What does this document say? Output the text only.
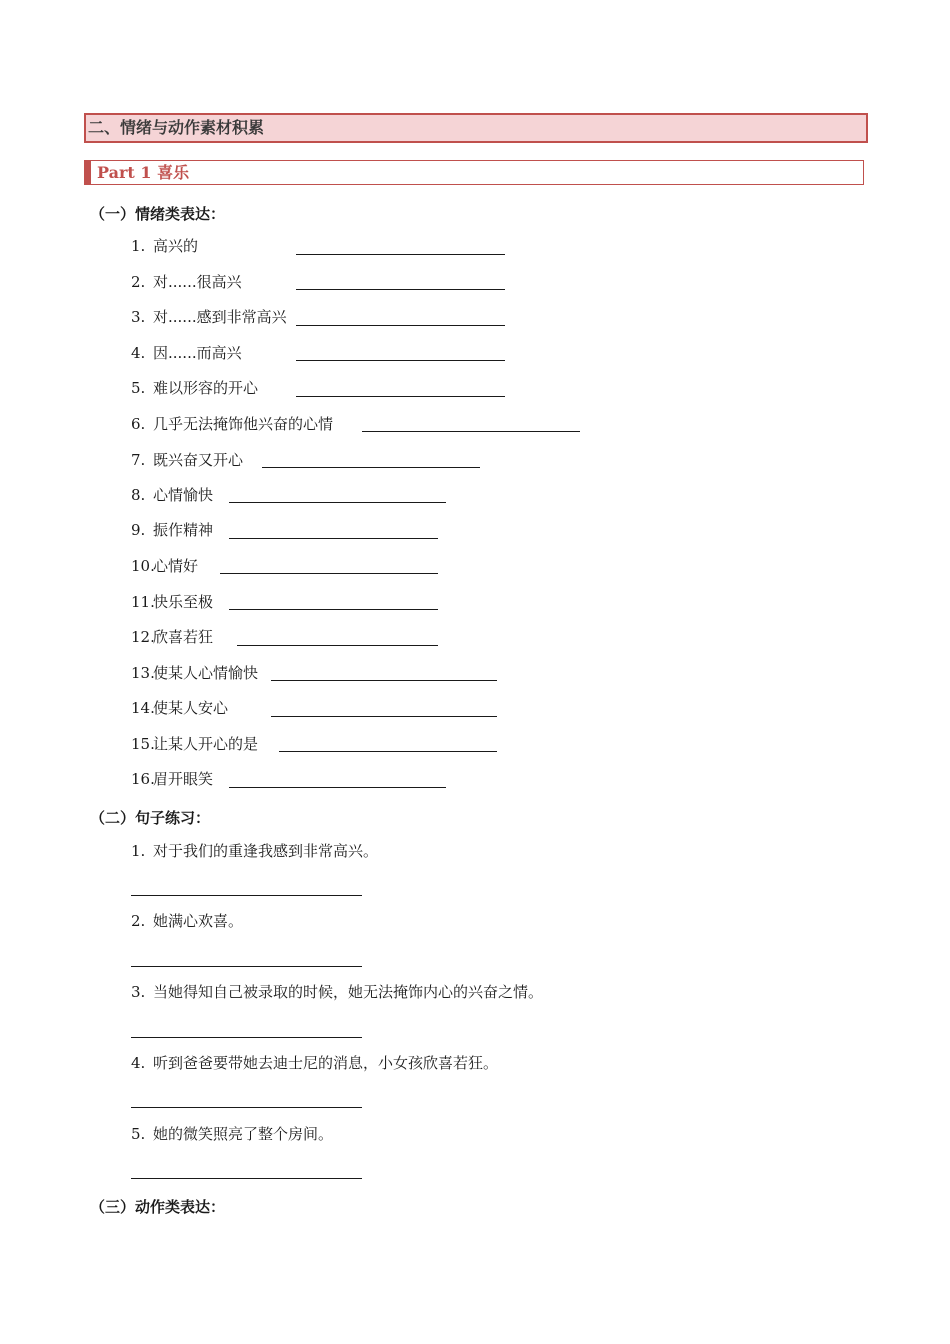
二、情绪与动作素材积累
Part 1 喜乐
（一）情绪类表达：
1. 高兴的
2. 对......很高兴
3. 对......感到非常高兴
4. 因......而高兴
5. 难以形容的开心
6. 几乎无法掩饰他兴奋的心情
7. 既兴奋又开心
8. 心情愉快
9. 振作精神
10.心情好
11.快乐至极
12.欣喜若狂
13.使某人心情愉快
14.使某人安心
15.让某人开心的是
16.眉开眼笑
（二）句子练习：
1. 对于我们的重逢我感到非常高兴。
2. 她满心欢喜。
3. 当她得知自己被录取的时候，她无法掩饰内心的兴奋之情。
4. 听到爸爸要带她去迪士尼的消息，小女孩欣喜若狂。
5. 她的微笑照亮了整个房间。
（三）动作类表达：
